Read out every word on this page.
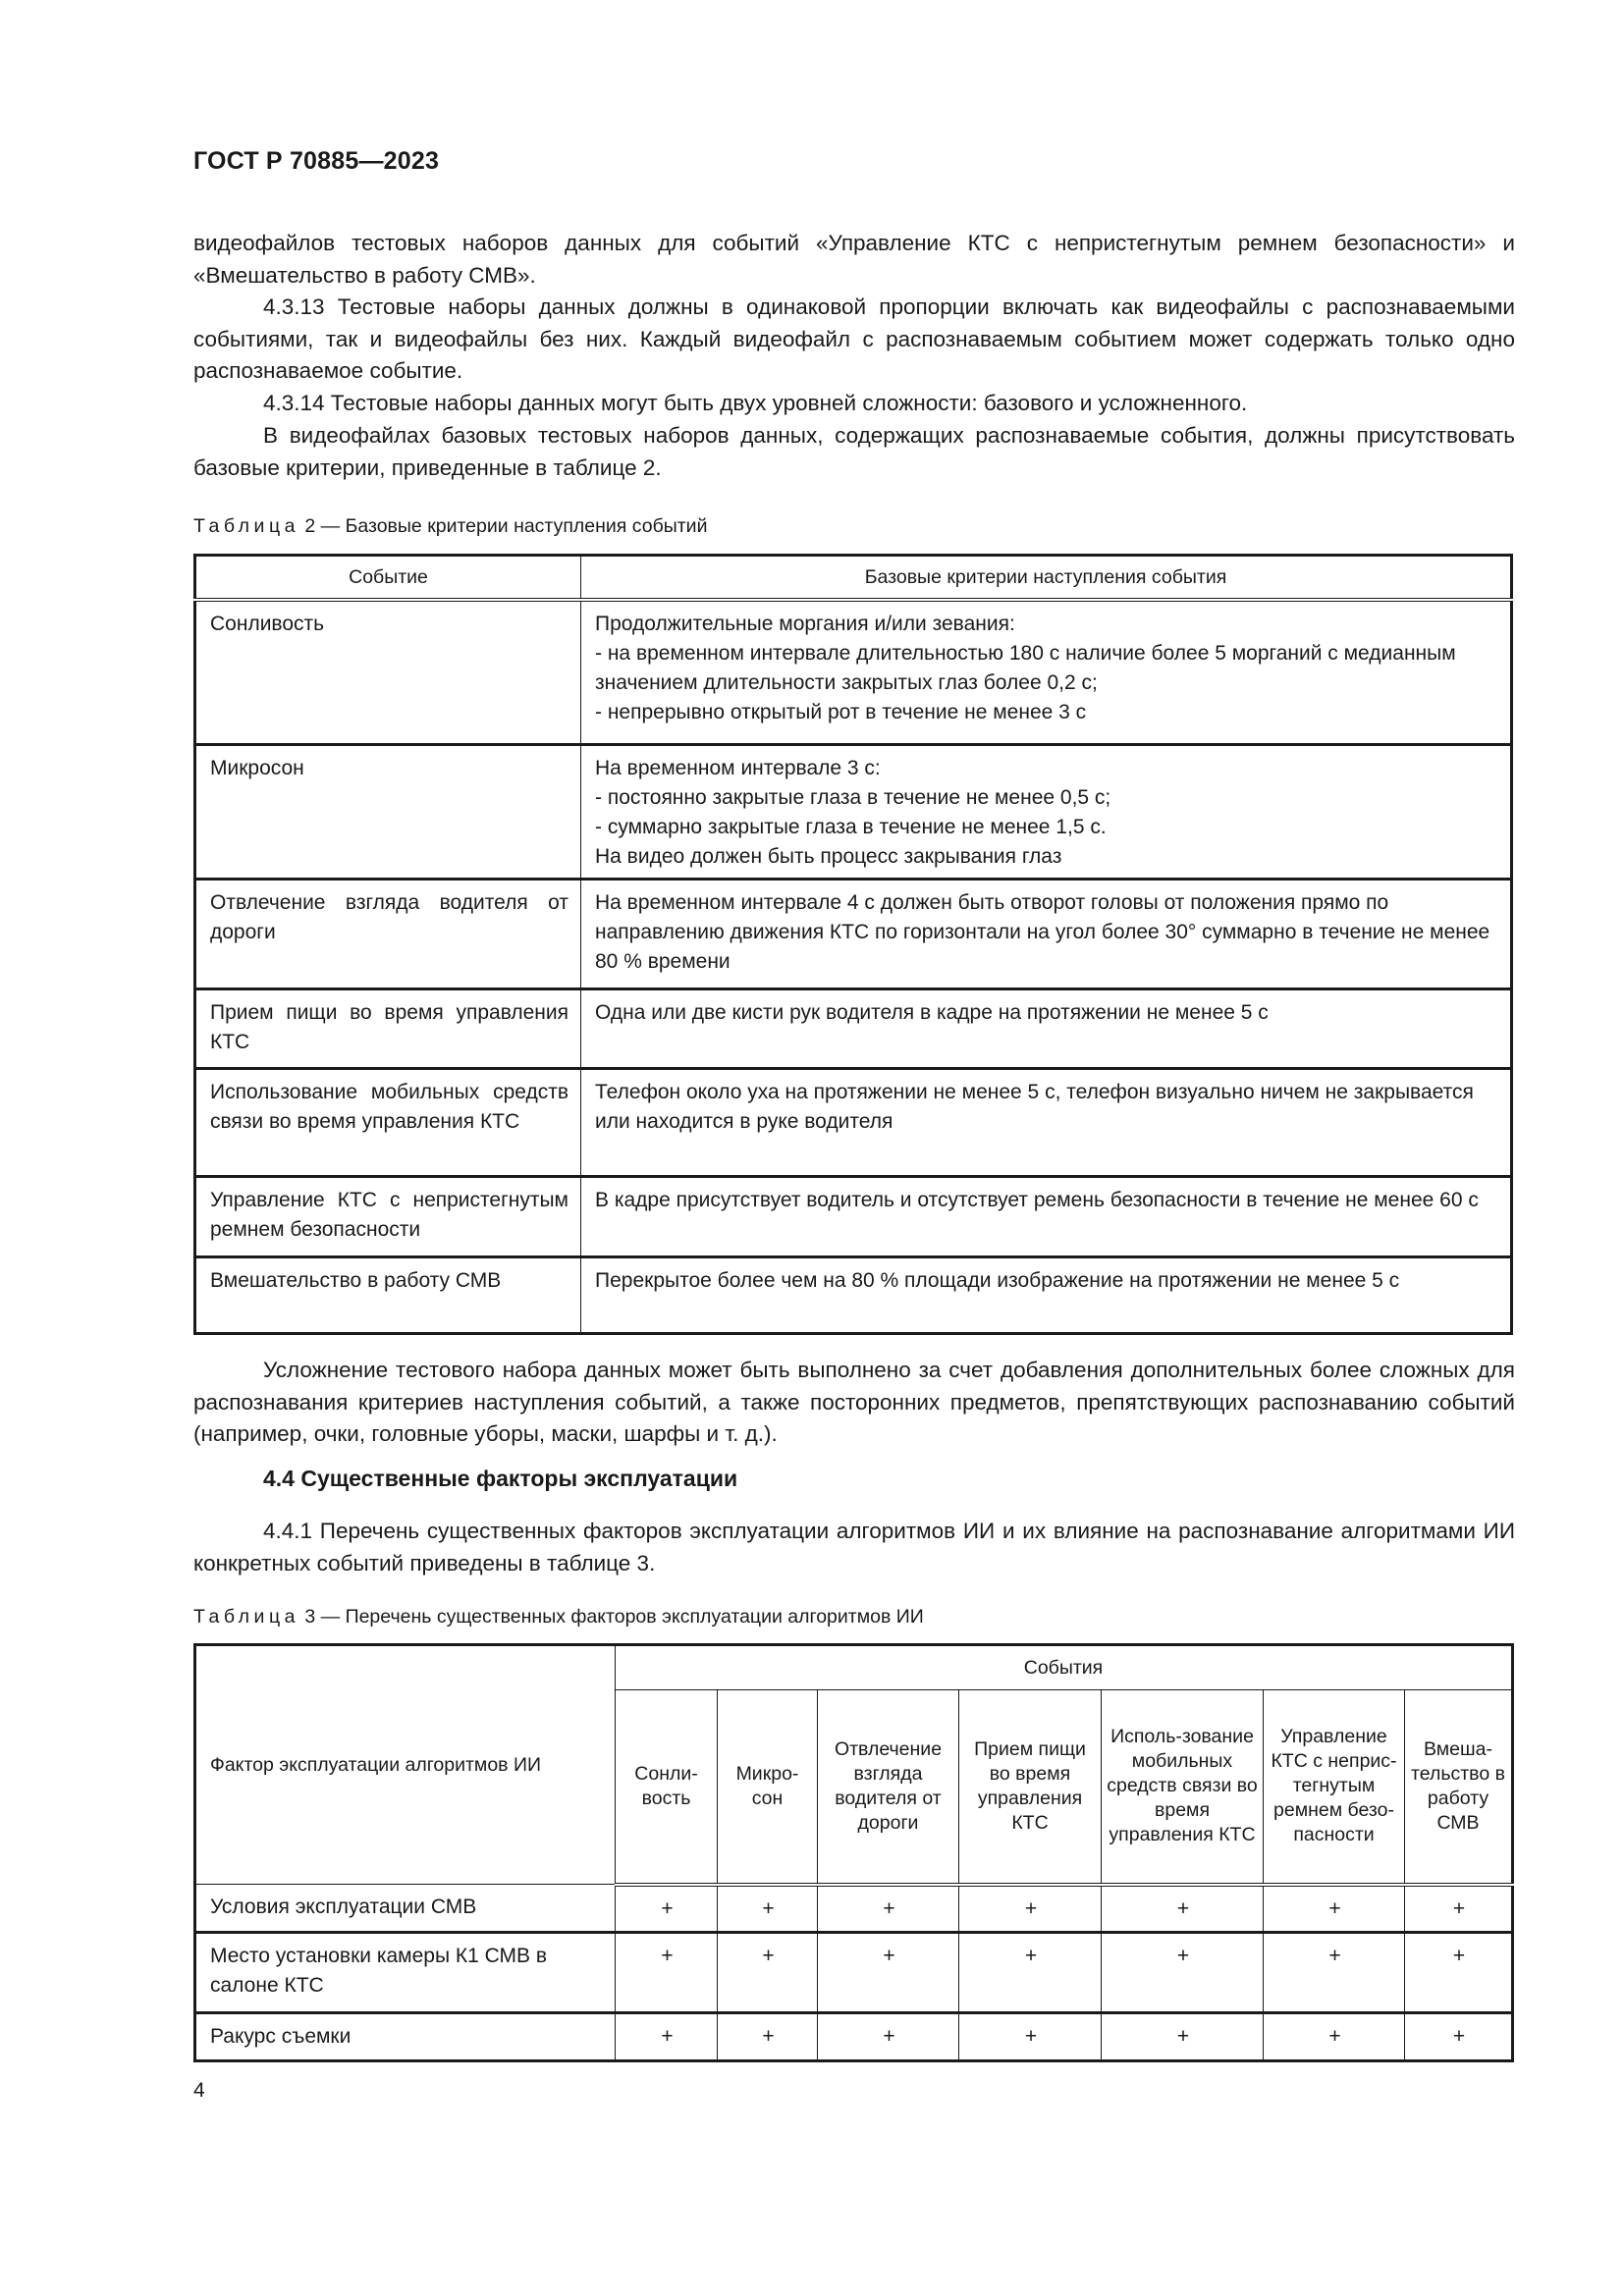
ГОСТ Р 70885—2023
видеофайлов тестовых наборов данных для событий «Управление КТС с непристегнутым ремнем безопасности» и «Вмешательство в работу СМВ».
4.3.13 Тестовые наборы данных должны в одинаковой пропорции включать как видеофайлы с распознаваемыми событиями, так и видеофайлы без них. Каждый видеофайл с распознаваемым событием может содержать только одно распознаваемое событие.
4.3.14 Тестовые наборы данных могут быть двух уровней сложности: базового и усложненного.
В видеофайлах базовых тестовых наборов данных, содержащих распознаваемые события, должны присутствовать базовые критерии, приведенные в таблице 2.
Таблица 2 — Базовые критерии наступления событий
Событие	Базовые критерии наступления события
Сонливость	Продолжительные моргания и/или зевания:
- на временном интервале длительностью 180 с наличие более 5 морганий с медианным значением длительности закрытых глаз более 0,2 с;
- непрерывно открытый рот в течение не менее 3 с

Микросон	На временном интервале 3 с:
- постоянно закрытые глаза в течение не менее 0,5 с;
- суммарно закрытые глаза в течение не менее 1,5 с.
На видео должен быть процесс закрывания глаз

Отвлечение взгляда водителя от дороги	На временном интервале 4 с должен быть отворот головы от положения прямо по направлению движения КТС по горизонтали на угол более 30° суммарно в течение не менее 80 % времени

Прием пищи во время управления КТС	Одна или две кисти рук водителя в кадре на протяжении не менее 5 с

Использование мобильных средств связи во время управления КТС	Телефон около уха на протяжении не менее 5 с, телефон визуально ничем не закрывается или находится в руке водителя

Управление КТС с непристегнутым ремнем безопасности	В кадре присутствует водитель и отсутствует ремень безопасности в течение не менее 60 с

Вмешательство в работу СМВ	Перекрытое более чем на 80 % площади изображение на протяжении не менее 5 с
Усложнение тестового набора данных может быть выполнено за счет добавления дополнительных более сложных для распознавания критериев наступления событий, а также посторонних предметов, препятствующих распознаванию событий (например, очки, головные уборы, маски, шарфы и т. д.).
4.4 Существенные факторы эксплуатации
4.4.1 Перечень существенных факторов эксплуатации алгоритмов ИИ и их влияние на распознавание алгоритмами ИИ конкретных событий приведены в таблице 3.
Таблица 3 — Перечень существенных факторов эксплуатации алгоритмов ИИ
Фактор эксплуатации алгоритмов ИИ	События						
	Сонли-вость	Микро-сон	Отвлечение взгляда водителя от дороги	Прием пищи во время управления КТС	Исполь-зование мобильных средств связи во время управления КТС	Управление КТС с неприс-тегнутым ремнем безо-пасности	Вмеша-тельство в работу СМВ
Условия эксплуатации СМВ	+	+	+	+	+	+	+
Место установки камеры К1 СМВ в салоне КТС	+	+	+	+	+	+	+
Ракурс съемки	+	+	+	+	+	+	+
4
